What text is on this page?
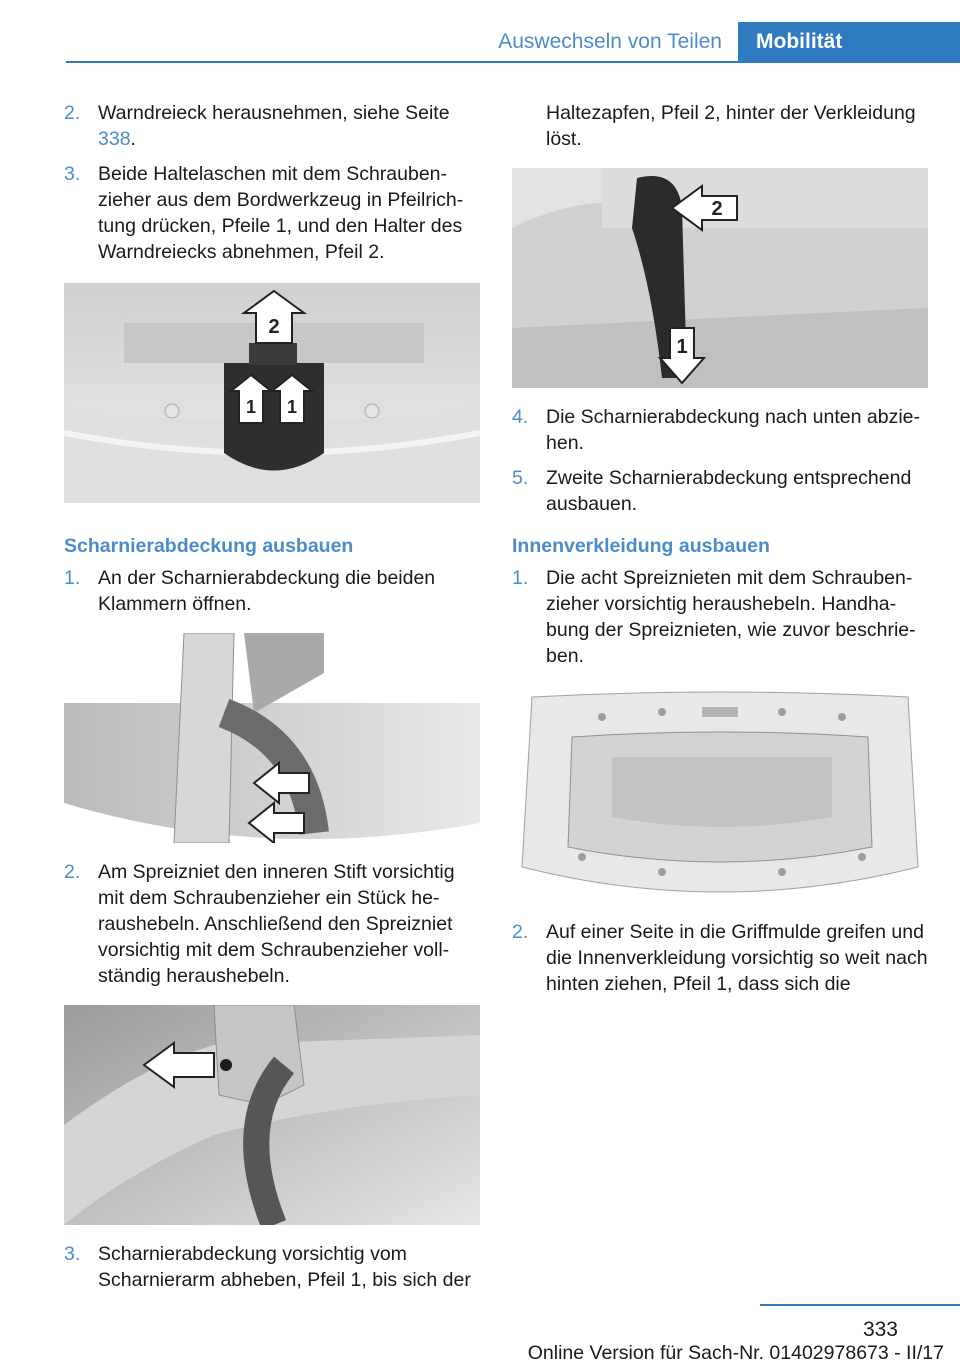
Auswechseln von Teilen	Mobilität
2. Warndreieck herausnehmen, siehe Seite 338.
3. Beide Haltelaschen mit dem Schraubenzieher aus dem Bordwerkzeug in Pfeilrichtung drücken, Pfeile 1, und den Halter des Warndreiecks abnehmen, Pfeil 2.
2
1 1
Scharnierabdeckung ausbauen
1. An der Scharnierabdeckung die beiden Klammern öffnen.
2. Am Spreizniet den inneren Stift vorsichtig mit dem Schraubenzieher ein Stück heraushebeln. Anschließend den Spreizniet vorsichtig mit dem Schraubenzieher vollständig heraushebeln.
3. Scharnierabdeckung vorsichtig vom Scharnierarm abheben, Pfeil 1, bis sich der
Haltezapfen, Pfeil 2, hinter der Verkleidung löst.
2
1
4. Die Scharnierabdeckung nach unten abziehen.
5. Zweite Scharnierabdeckung entsprechend ausbauen.
Innenverkleidung ausbauen
1. Die acht Spreiznieten mit dem Schraubenzieher vorsichtig heraushebeln. Handhabung der Spreiznieten, wie zuvor beschrieben.
2. Auf einer Seite in die Griffmulde greifen und die Innenverkleidung vorsichtig so weit nach hinten ziehen, Pfeil 1, dass sich die
333
Online Version für Sach-Nr. 01402978673 - II/17
